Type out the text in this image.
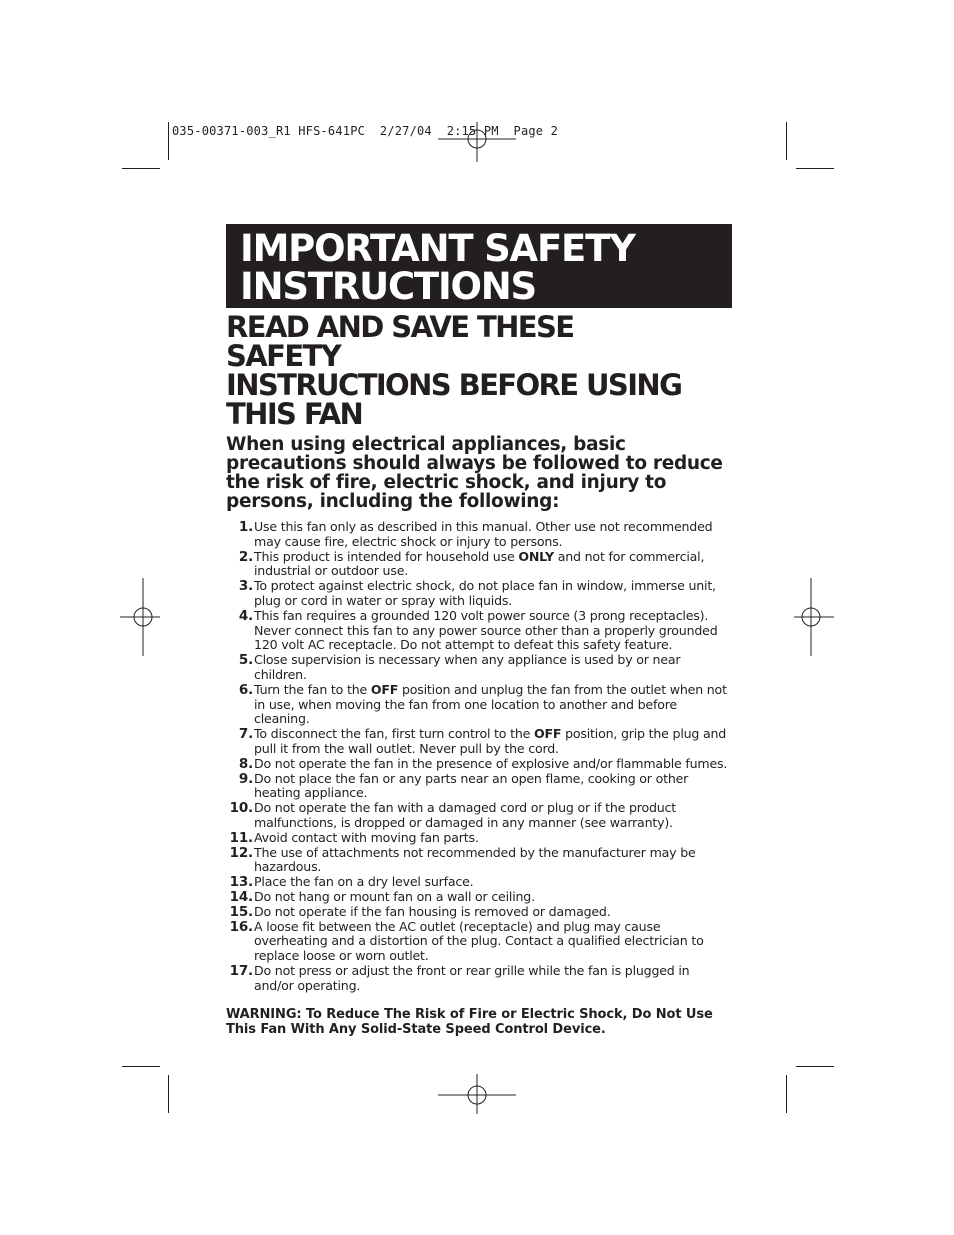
035-00371-003_R1 HFS-641PC  2/27/04  2:15 PM  Page 2
IMPORTANT SAFETY
INSTRUCTIONS
READ AND SAVE THESE SAFETY
INSTRUCTIONS BEFORE USING
THIS FAN
When using electrical appliances, basic
precautions should always be followed to reduce
the risk of fire, electric shock, and injury to
persons, including the following:
1. Use this fan only as described in this manual. Other use not recommended may cause fire, electric shock or injury to persons.
2. This product is intended for household use ONLY and not for commercial, industrial or outdoor use.
3. To protect against electric shock, do not place fan in window, immerse unit, plug or cord in water or spray with liquids.
4. This fan requires a grounded 120 volt power source (3 prong receptacles). Never connect this fan to any power source other than a properly grounded 120 volt AC receptacle. Do not attempt to defeat this safety feature.
5. Close supervision is necessary when any appliance is used by or near children.
6. Turn the fan to the OFF position and unplug the fan from the outlet when not in use, when moving the fan from one location to another and before cleaning.
7. To disconnect the fan, first turn control to the OFF position, grip the plug and pull it from the wall outlet. Never pull by the cord.
8. Do not operate the fan in the presence of explosive and/or flammable fumes.
9. Do not place the fan or any parts near an open flame, cooking or other heating appliance.
10. Do not operate the fan with a damaged cord or plug or if the product malfunctions, is dropped or damaged in any manner (see warranty).
11. Avoid contact with moving fan parts.
12. The use of attachments not recommended by the manufacturer may be hazardous.
13. Place the fan on a dry level surface.
14. Do not hang or mount fan on a wall or ceiling.
15. Do not operate if the fan housing is removed or damaged.
16. A loose fit between the AC outlet (receptacle) and plug may cause overheating and a distortion of the plug. Contact a qualified electrician to replace loose or worn outlet.
17. Do not press or adjust the front or rear grille while the fan is plugged in and/or operating.
WARNING: To Reduce The Risk of Fire or Electric Shock, Do Not Use
This Fan With Any Solid-State Speed Control Device.
